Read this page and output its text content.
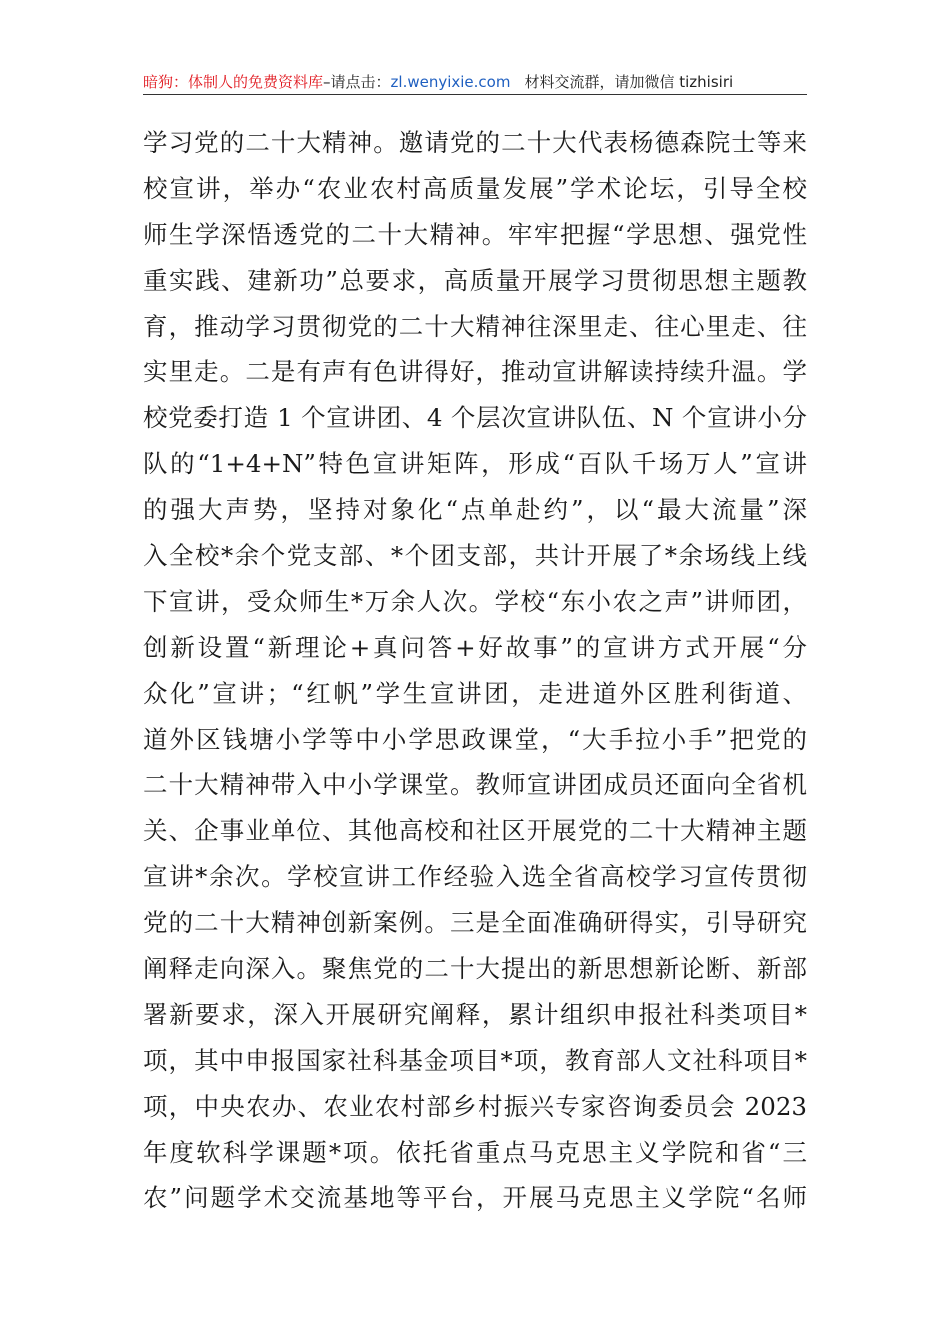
暗狗：体制人的免费资料库–请点击：zl.wenyixie.com 材料交流群，请加微信 tizhisiri
学习党的二十大精神。邀请党的二十大代表杨德森院士等来
校宣讲，举办“农业农村高质量发展”学术论坛，引导全校
师生学深悟透党的二十大精神。牢牢把握“学思想、强党性
重实践、建新功”总要求，高质量开展学习贯彻思想主题教
育，推动学习贯彻党的二十大精神往深里走、往心里走、往
实里走。二是有声有色讲得好，推动宣讲解读持续升温。学
校党委打造 1 个宣讲团、4 个层次宣讲队伍、N 个宣讲小分
队的“1+4+N”特色宣讲矩阵，形成“百队千场万人”宣讲
的强大声势，坚持对象化“点单赴约”，以“最大流量”深
入全校*余个党支部、*个团支部，共计开展了*余场线上线
下宣讲，受众师生*万余人次。学校“东小农之声”讲师团，
创新设置“新理论+真问答+好故事”的宣讲方式开展“分
众化”宣讲；“红帆”学生宣讲团，走进道外区胜利街道、
道外区钱塘小学等中小学思政课堂，“大手拉小手”把党的
二十大精神带入中小学课堂。教师宣讲团成员还面向全省机
关、企事业单位、其他高校和社区开展党的二十大精神主题
宣讲*余次。学校宣讲工作经验入选全省高校学习宣传贯彻
党的二十大精神创新案例。三是全面准确研得实，引导研究
阐释走向深入。聚焦党的二十大提出的新思想新论断、新部
署新要求，深入开展研究阐释，累计组织申报社科类项目*
项，其中申报国家社科基金项目*项，教育部人文社科项目*
项，中央农办、农业农村部乡村振兴专家咨询委员会 2023
年度软科学课题*项。依托省重点马克思主义学院和省“三
农”问题学术交流基地等平台，开展马克思主义学院“名师
